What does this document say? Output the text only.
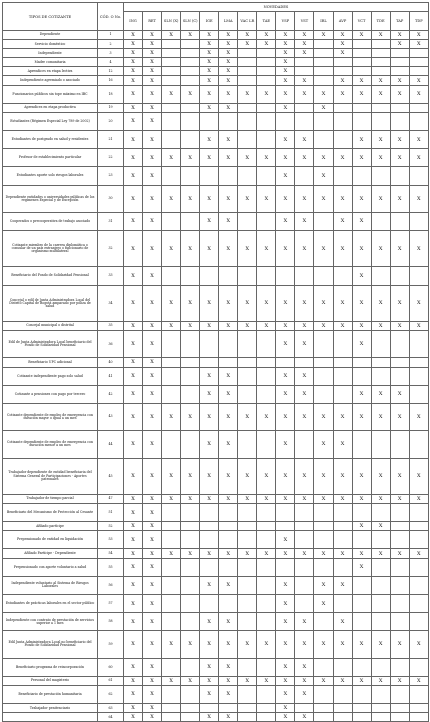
TIPOS DE COTIZANTE	CÓD. O No.	NOVEDADES															
		ING	RET	SLN (X)	SLN (C)	IGE	LMA	VAC LR	TAE	VSP	VST	IRL	AVP	VCT	TDE	TAP	TDP
Dependiente	1	X	X	X	X	X	X	X	X	X	X	X	X	X	X	X	X
Servicio doméstico	2	X	X			X	X	X	X	X	X		X			X	X
Independiente	3	X	X			X	X			X	X		X				
Madre comunitaria	4	X	X			X	X			X							
Aprendices en etapa lectiva	12	X	X			X	X			X							
Independiente agremiado o asociado	16	X	X			X	X			X	X		X	X	X	X	X
Funcionarios públicos sin tope máximo en IBC	18	X	X	X	X	X	X	X	X	X	X	X	X	X	X	X	X
Aprendices en etapa productiva	19	X	X			X	X			X		X					
Estudiantes (Régimen Especial Ley 789 de 2002)	20	X	X														
Estudiantes de postgrado en salud y residentes	21	X	X			X	X			X	X			X	X	X	X
Profesor de establecimiento particular	22	X	X	X	X	X	X	X	X	X	X	X	X	X	X	X	X
Estudiantes aporte solo riesgos laborales	23	X	X							X		X					
Dependiente entidades o universidades públicas de los regímenes Especial y de Excepción	30	X	X	X	X	X	X	X	X	X	X	X	X	X	X	X	X
Cooperados o precooperativa de trabajo asociado	31	X	X			X	X			X	X		X	X			
Cotizante miembro de la carrera diplomática o consular de un país extranjero o funcionario de organismo multilateral	32	X	X	X	X	X	X	X	X	X	X	X	X	X	X	X	X
Beneficiario del Fondo de Solidaridad Pensional	33	X	X											X			
Concejal o edil de Junta Administradora Local del Distrito Capital de Bogotá amparado por póliza de salud	34	X	X	X	X	X	X	X	X	X	X	X	X	X	X	X	X
Concejal municipal o distrital	35	X	X	X	X	X	X	X	X	X	X	X	X	X	X	X	X
Edil de Junta Administradora Local beneficiario del Fondo de Solidaridad Pensional	36	X	X							X	X			X			
Beneficiario UPC adicional	40	X	X														
Cotizante independiente pago solo salud	41	X	X			X	X			X	X						
Cotizante a pensiones con pago por tercero	42	X	X			X	X			X	X			X	X	X	
Cotizante dependiente de empleo de emergencia con duración mayor o igual a un mes	43	X	X	X	X	X	X	X	X	X	X	X	X	X	X	X	X
Cotizante dependiente de empleo de emergencia con duración menor a un mes	44	X	X			X	X			X		X	X				
Trabajador dependiente de entidad beneficiaria del Sistema General de Participaciones - Aportes patronales	45	X	X	X	X	X	X	X	X	X	X	X	X	X	X	X	X
Trabajador de tiempo parcial	47	X	X	X	X	X	X	X	X	X	X	X	X	X	X	X	X
Beneficiario del Mecanismo de Protección al Cesante	51	X	X														
Afiliado partícipe	52	X	X											X	X		
Prepensionado de entidad en liquidación	53	X	X							X							
Afiliado Partícipe - Dependiente	54	X	X	X	X	X	X	X	X	X	X	X	X	X	X	X	X
Prepensionado con aporte voluntario a salud	55	X	X											X			
Independiente voluntario al Sistema de Riesgos Laborales	56	X	X			X	X			X		X	X				
Estudiantes de prácticas laborales en el sector público	57	X	X							X		X					
Independiente con contrato de prestación de servicios superior a 1 mes	58	X	X			X	X			X	X		X				
Edil Junta Administradora Local no beneficiario del Fondo de Solidaridad Pensional	59	X	X	X	X	X	X	X	X	X	X	X	X	X	X	X	X
Beneficiario programa de reincorporación	60	X	X			X	X			X	X						
Personal del magisterio	61	X	X	X	X	X	X	X	X	X	X	X	X	X	X	X	X
Beneficiario de prestación humanitaria	62	X	X			X	X			X	X						
Trabajador penitenciario	63	X	X							X							
	64	X	X			X	X			X	X						
